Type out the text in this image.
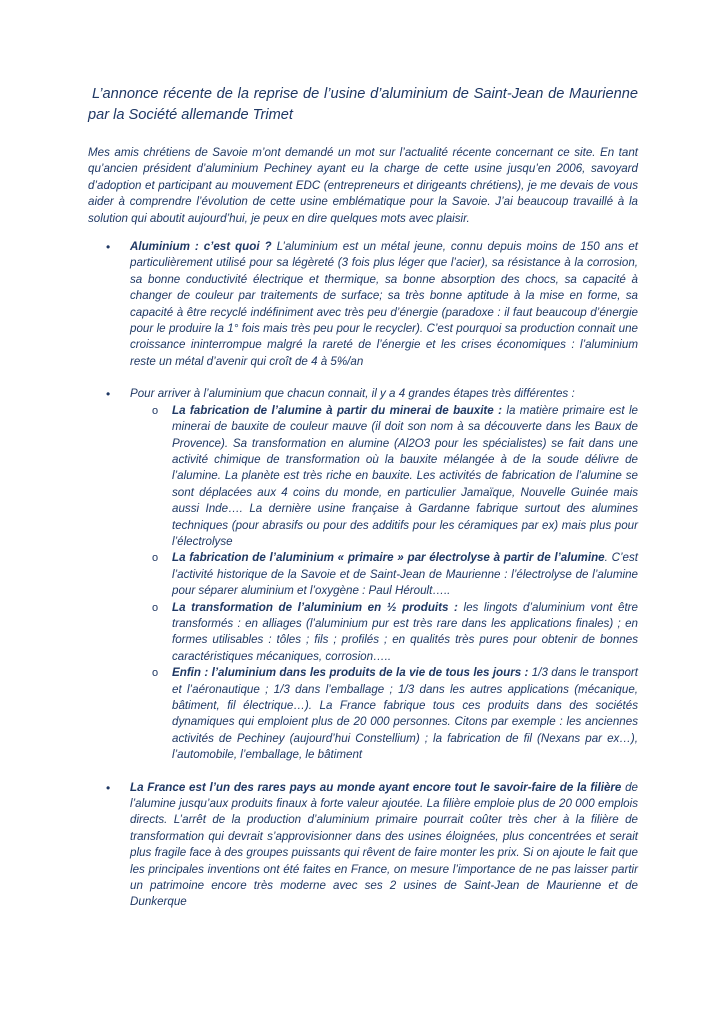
L’annonce récente de la reprise de l’usine d’aluminium de Saint-Jean de Maurienne par la Société allemande Trimet

Mes amis chrétiens de Savoie m’ont demandé un mot sur l’actualité récente concernant ce site. En tant qu’ancien président d’aluminium Pechiney ayant eu la charge de cette usine jusqu’en 2006, savoyard d’adoption et participant au mouvement EDC (entrepreneurs et dirigeants chrétiens), je me devais de vous aider à comprendre l’évolution de cette usine emblématique pour la Savoie. J’ai beaucoup travaillé à la solution qui aboutit aujourd’hui, je peux en dire quelques mots avec plaisir.

• Aluminium : c’est quoi ? L’aluminium est un métal jeune, connu depuis moins de 150 ans et particulièrement utilisé pour sa légèreté (3 fois plus léger que l’acier), sa résistance à la corrosion, sa bonne conductivité électrique et thermique, sa bonne absorption des chocs, sa capacité à changer de couleur par traitements de surface; sa très bonne aptitude à la mise en forme, sa capacité à être recyclé indéfiniment avec très peu d’énergie (paradoxe : il faut beaucoup d’énergie pour le produire la 1° fois mais très peu pour le recycler). C’est pourquoi sa production connait une croissance ininterrompue malgré la rareté de l’énergie et les crises économiques : l’aluminium reste un métal d’avenir qui croît de 4 à 5%/an
• Pour arriver à l’aluminium que chacun connait, il y a 4 grandes étapes très différentes :
o La fabrication de l’alumine à partir du minerai de bauxite : la matière primaire est le minerai de bauxite de couleur mauve (il doit son nom à sa découverte dans les Baux de Provence). Sa transformation en alumine (Al2O3 pour les spécialistes) se fait dans une activité chimique de transformation où la bauxite mélangée à de la soude délivre de l’alumine. La planète est très riche en bauxite. Les activités de fabrication de l’alumine se sont déplacées aux 4 coins du monde, en particulier Jamaïque, Nouvelle Guinée mais aussi Inde…. La dernière usine française à Gardanne fabrique surtout des alumines techniques (pour abrasifs ou pour des additifs pour les céramiques par ex) mais plus pour l’électrolyse
o La fabrication de l’aluminium « primaire » par électrolyse à partir de l’alumine. C’est l’activité historique de la Savoie et de Saint-Jean de Maurienne : l’électrolyse de l’alumine pour séparer aluminium et l’oxygène : Paul Héroult…..
o La transformation de l’aluminium en ½ produits : les lingots d’aluminium vont être transformés : en alliages (l’aluminium pur est très rare dans les applications finales) ; en formes utilisables : tôles ; fils ; profilés ; en qualités très pures pour obtenir de bonnes caractéristiques mécaniques, corrosion…..
o Enfin : l’aluminium dans les produits de la vie de tous les jours : 1/3 dans le transport et l’aéronautique ; 1/3 dans l’emballage ; 1/3 dans les autres applications (mécanique, bâtiment, fil électrique…). La France fabrique tous ces produits dans des sociétés dynamiques qui emploient plus de 20 000 personnes. Citons par exemple : les anciennes activités de Pechiney (aujourd’hui Constellium) ; la fabrication de fil (Nexans par ex…), l’automobile, l’emballage, le bâtiment
• La France est l’un des rares pays au monde ayant encore tout le savoir-faire de la filière de l’alumine jusqu’aux produits finaux à forte valeur ajoutée. La filière emploie plus de 20 000 emplois directs. L’arrêt de la production d’aluminium primaire pourrait coûter très cher à la filière de transformation qui devrait s’approvisionner dans des usines éloignées, plus concentrées et serait plus fragile face à des groupes puissants qui rêvent de faire monter les prix. Si on ajoute le fait que les principales inventions ont été faites en France, on mesure l’importance de ne pas laisser partir un patrimoine encore très moderne avec ses 2 usines de Saint-Jean de Maurienne et de Dunkerque
